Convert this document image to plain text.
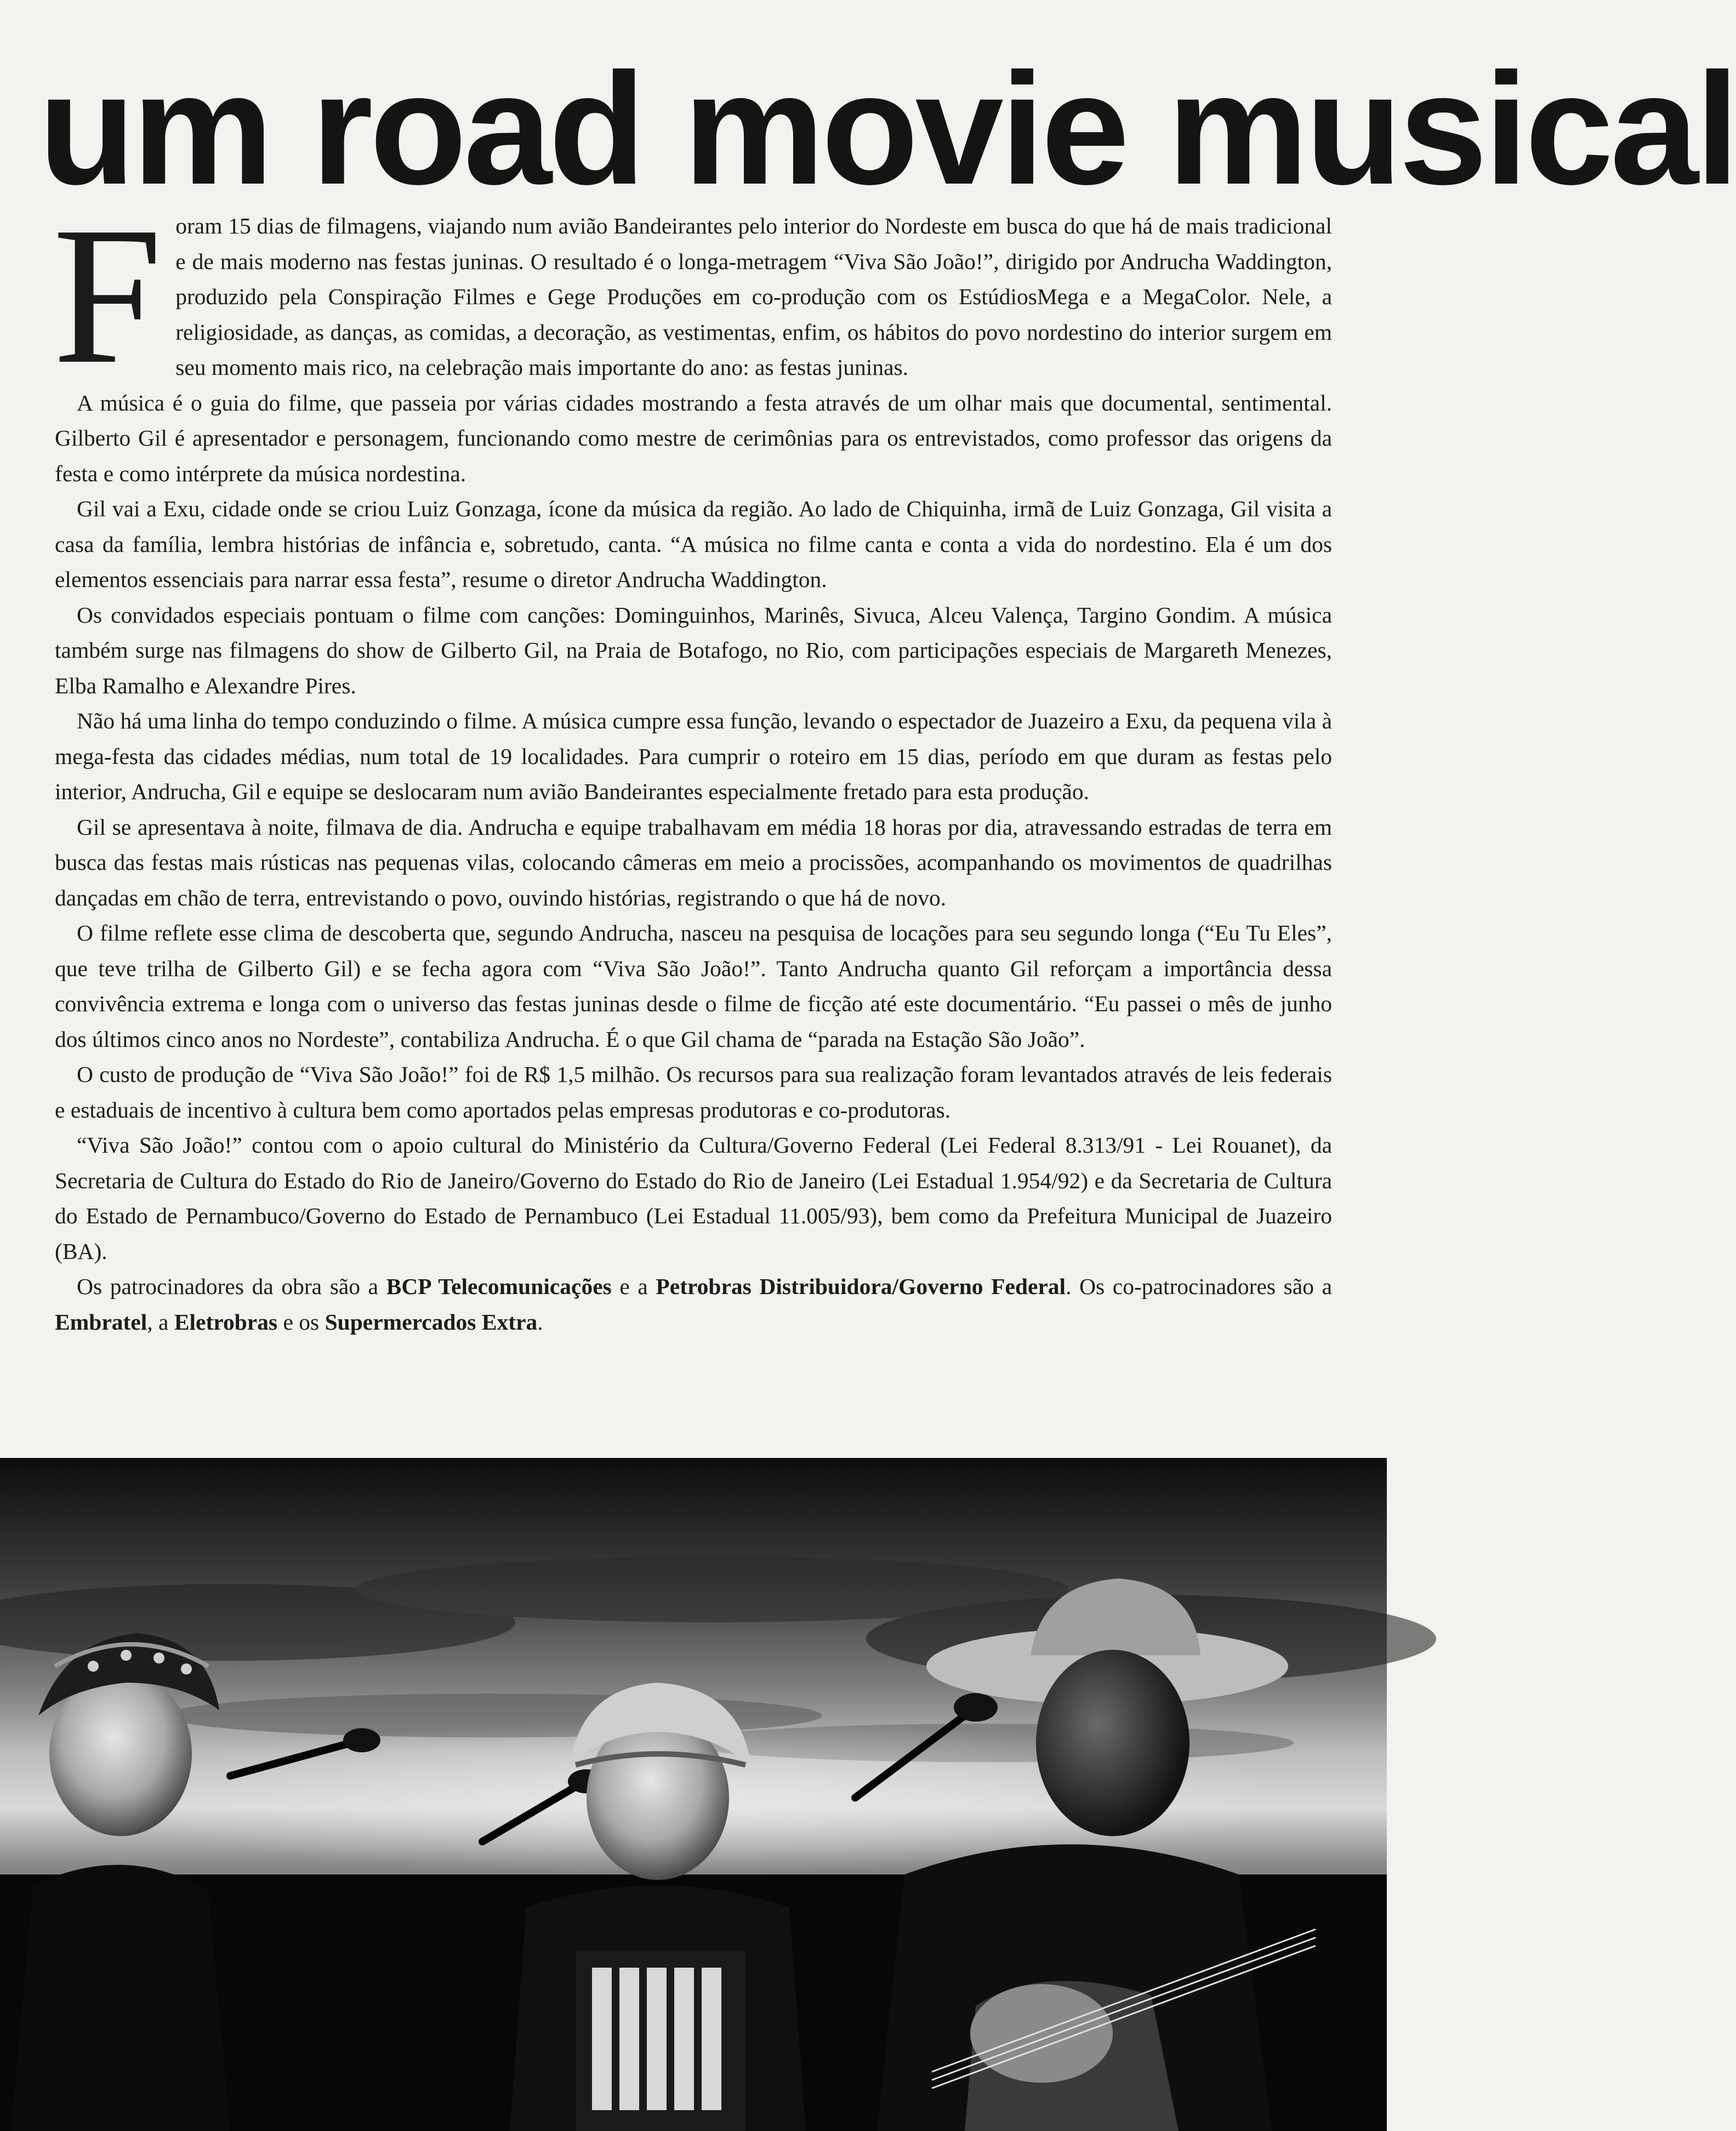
um road movie musical

Foram 15 dias de filmagens, viajando num avião Bandeirantes pelo interior do Nordeste em busca do que há de mais tradicional e de mais moderno nas festas juninas. O resultado é o longa-metragem “Viva São João!”, dirigido por Andrucha Waddington, produzido pela Conspiração Filmes e Gege Produções em co-produção com os EstúdiosMega e a MegaColor. Nele, a religiosidade, as danças, as comidas, a decoração, as vestimentas, enfim, os hábitos do povo nordestino do interior surgem em seu momento mais rico, na celebração mais importante do ano: as festas juninas.

A música é o guia do filme, que passeia por várias cidades mostrando a festa através de um olhar mais que documental, sentimental. Gilberto Gil é apresentador e personagem, funcionando como mestre de cerimônias para os entrevistados, como professor das origens da festa e como intérprete da música nordestina.

Gil vai a Exu, cidade onde se criou Luiz Gonzaga, ícone da música da região. Ao lado de Chiquinha, irmã de Luiz Gonzaga, Gil visita a casa da família, lembra histórias de infância e, sobretudo, canta. “A música no filme canta e conta a vida do nordestino. Ela é um dos elementos essenciais para narrar essa festa”, resume o diretor Andrucha Waddington.

Os convidados especiais pontuam o filme com canções: Dominguinhos, Marinês, Sivuca, Alceu Valença, Targino Gondim. A música também surge nas filmagens do show de Gilberto Gil, na Praia de Botafogo, no Rio, com participações especiais de Margareth Menezes, Elba Ramalho e Alexandre Pires.

Não há uma linha do tempo conduzindo o filme. A música cumpre essa função, levando o espectador de Juazeiro a Exu, da pequena vila à mega-festa das cidades médias, num total de 19 localidades. Para cumprir o roteiro em 15 dias, período em que duram as festas pelo interior, Andrucha, Gil e equipe se deslocaram num avião Bandeirantes especialmente fretado para esta produção.

Gil se apresentava à noite, filmava de dia. Andrucha e equipe trabalhavam em média 18 horas por dia, atravessando estradas de terra em busca das festas mais rústicas nas pequenas vilas, colocando câmeras em meio a procissões, acompanhando os movimentos de quadrilhas dançadas em chão de terra, entrevistando o povo, ouvindo histórias, registrando o que há de novo.

O filme reflete esse clima de descoberta que, segundo Andrucha, nasceu na pesquisa de locações para seu segundo longa (“Eu Tu Eles”, que teve trilha de Gilberto Gil) e se fecha agora com “Viva São João!”. Tanto Andrucha quanto Gil reforçam a importância dessa convivência extrema e longa com o universo das festas juninas desde o filme de ficção até este documentário. “Eu passei o mês de junho dos últimos cinco anos no Nordeste”, contabiliza Andrucha. É o que Gil chama de “parada na Estação São João”.

O custo de produção de “Viva São João!” foi de R$ 1,5 milhão. Os recursos para sua realização foram levantados através de leis federais e estaduais de incentivo à cultura bem como aportados pelas empresas produtoras e co-produtoras.

“Viva São João!” contou com o apoio cultural do Ministério da Cultura/Governo Federal (Lei Federal 8.313/91 - Lei Rouanet), da Secretaria de Cultura do Estado do Rio de Janeiro/Governo do Estado do Rio de Janeiro (Lei Estadual 1.954/92) e da Secretaria de Cultura do Estado de Pernambuco/Governo do Estado de Pernambuco (Lei Estadual 11.005/93), bem como da Prefeitura Municipal de Juazeiro (BA).

Os patrocinadores da obra são a BCP Telecomunicações e a Petrobras Distribuidora/Governo Federal. Os co-patrocinadores são a Embratel, a Eletrobras e os Supermercados Extra.
